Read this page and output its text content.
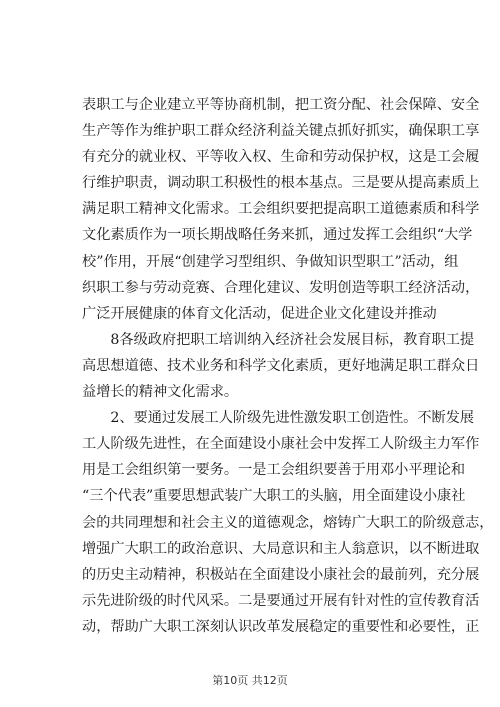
表职工与企业建立平等协商机制，把工资分配、社会保障、安全
生产等作为维护职工群众经济利益关键点抓好抓实，确保职工享
有充分的就业权、平等收入权、生命和劳动保护权，这是工会履
行维护职责，调动职工积极性的根本基点。三是要从提高素质上
满足职工精神文化需求。工会组织要把提高职工道德素质和科学
文化素质作为一项长期战略任务来抓，通过发挥工会组织“大学
校”作用，开展“创建学习型组织、争做知识型职工”活动，组
织职工参与劳动竞赛、合理化建议、发明创造等职工经济活动，
广泛开展健康的体育文化活动，促进企业文化建设并推动
　　8各级政府把职工培训纳入经济社会发展目标，教育职工提
高思想道德、技术业务和科学文化素质，更好地满足职工群众日
益增长的精神文化需求。
　　2、要通过发展工人阶级先进性激发职工创造性。不断发展
工人阶级先进性，在全面建设小康社会中发挥工人阶级主力军作
用是工会组织第一要务。一是工会组织要善于用邓小平理论和
“三个代表”重要思想武装广大职工的头脑，用全面建设小康社
会的共同理想和社会主义的道德观念，熔铸广大职工的阶级意志，
增强广大职工的政治意识、大局意识和主人翁意识，以不断进取
的历史主动精神，积极站在全面建设小康社会的最前列，充分展
示先进阶级的时代风采。二是要通过开展有针对性的宣传教育活
动，帮助广大职工深刻认识改革发展稳定的重要性和必要性，正
第10页 共12页
